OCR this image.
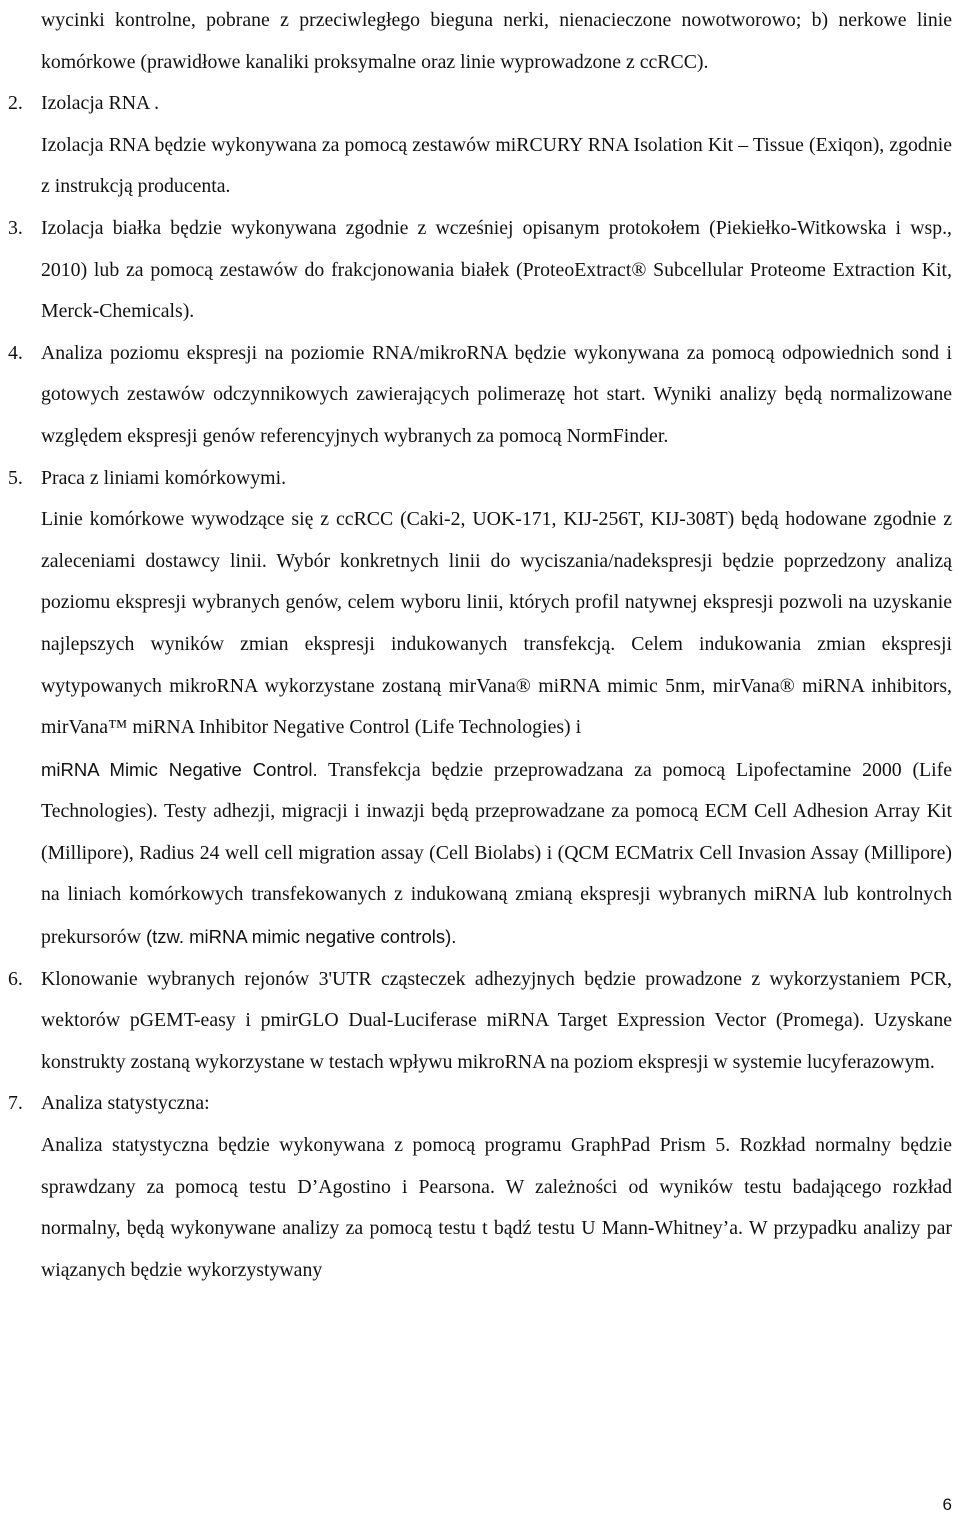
wycinki kontrolne, pobrane z przeciwległego bieguna nerki, nienacieczone nowotworowo; b) nerkowe linie komórkowe (prawidłowe kanaliki proksymalne oraz linie wyprowadzone z ccRCC).
2. Izolacja RNA .
Izolacja RNA będzie wykonywana za pomocą zestawów miRCURY RNA Isolation Kit – Tissue (Exiqon), zgodnie z instrukcją producenta.
3. Izolacja białka będzie wykonywana zgodnie z wcześniej opisanym protokołem (Piekiełko-Witkowska i wsp., 2010) lub za pomocą zestawów do frakcjonowania białek (ProteoExtract® Subcellular Proteome Extraction Kit, Merck-Chemicals).
4. Analiza poziomu ekspresji na poziomie RNA/mikroRNA będzie wykonywana za pomocą odpowiednich sond i gotowych zestawów odczynnikowych zawierających polimerazę hot start. Wyniki analizy będą normalizowane względem ekspresji genów referencyjnych wybranych za pomocą NormFinder.
5. Praca z liniami komórkowymi.
Linie komórkowe wywodzące się z ccRCC (Caki-2, UOK-171, KIJ-256T, KIJ-308T) będą hodowane zgodnie z zaleceniami dostawcy linii. Wybór konkretnych linii do wyciszania/nadekspresji będzie poprzedzony analizą poziomu ekspresji wybranych genów, celem wyboru linii, których profil natywnej ekspresji pozwoli na uzyskanie najlepszych wyników zmian ekspresji indukowanych transfekcją. Celem indukowania zmian ekspresji wytypowanych mikroRNA wykorzystane zostaną mirVana® miRNA mimic 5nm, mirVana® miRNA inhibitors, mirVana™ miRNA Inhibitor Negative Control (Life Technologies) i
miRNA Mimic Negative Control. Transfekcja będzie przeprowadzana za pomocą Lipofectamine 2000 (Life Technologies). Testy adhezji, migracji i inwazji będą przeprowadzane za pomocą ECM Cell Adhesion Array Kit (Millipore), Radius 24 well cell migration assay (Cell Biolabs) i (QCM ECMatrix Cell Invasion Assay (Millipore) na liniach komórkowych transfekowanych z indukowaną zmianą ekspresji wybranych miRNA lub kontrolnych prekursorów (tzw. miRNA mimic negative controls).
6. Klonowanie wybranych rejonów 3'UTR cząsteczek adhezyjnych będzie prowadzone z wykorzystaniem PCR, wektorów pGEMT-easy i pmirGLO Dual-Luciferase miRNA Target Expression Vector (Promega). Uzyskane konstrukty zostaną wykorzystane w testach wpływu mikroRNA na poziom ekspresji w systemie lucyferazowym.
7. Analiza statystyczna:
Analiza statystyczna będzie wykonywana z pomocą programu GraphPad Prism 5. Rozkład normalny będzie sprawdzany za pomocą testu D’Agostino i Pearsona. W zależności od wyników testu badającego rozkład normalny, będą wykonywane analizy za pomocą testu t bądź testu U Mann-Whitney’a. W przypadku analizy par wiązanych będzie wykorzystywany
6
